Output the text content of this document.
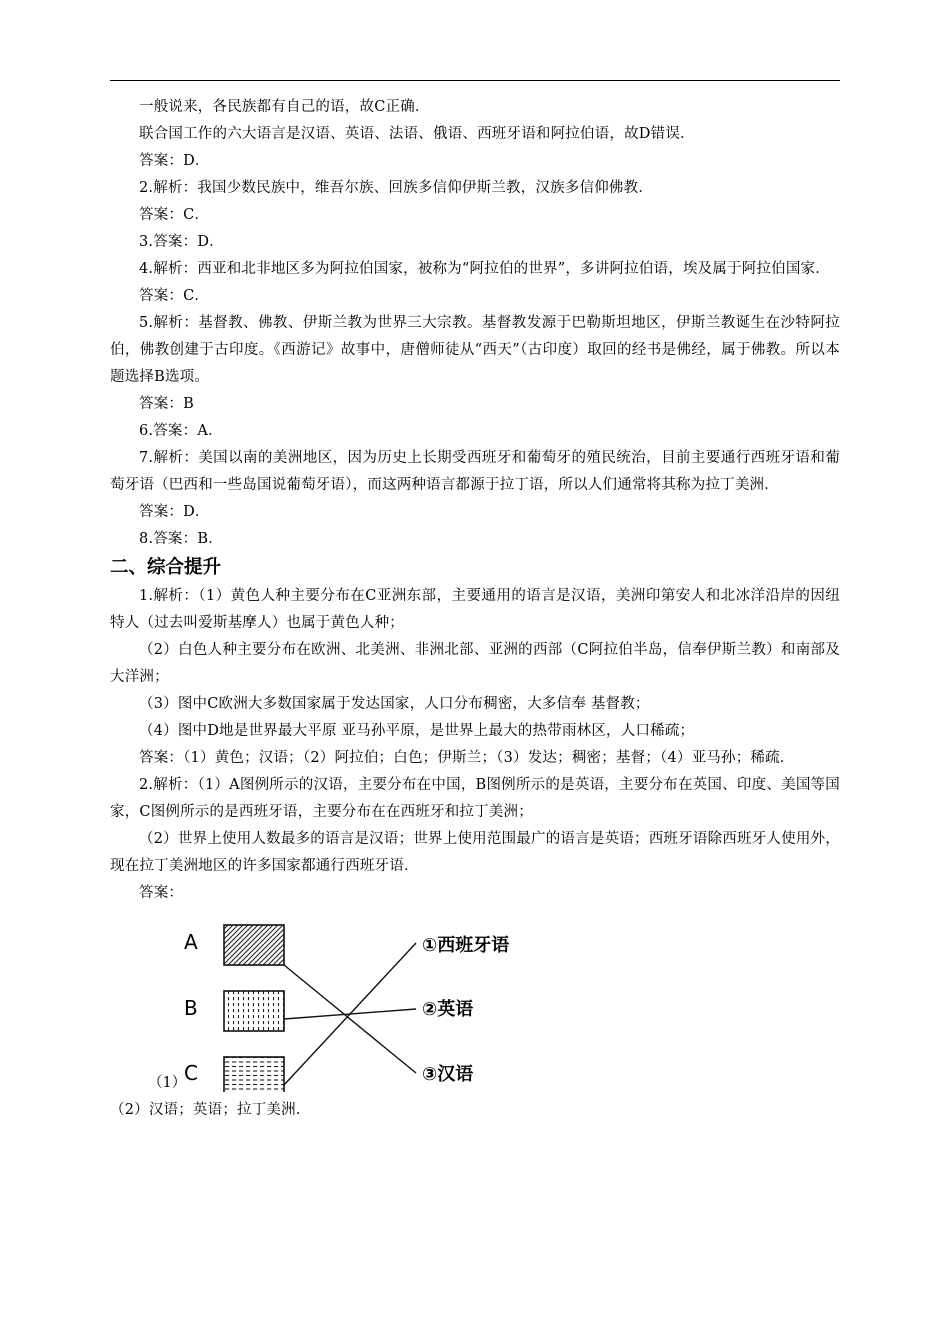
一般说来，各民族都有自己的语，故C正确．

联合国工作的六大语言是汉语、英语、法语、俄语、西班牙语和阿拉伯语，故D错误．

答案：D．

2.解析：我国少数民族中，维吾尔族、回族多信仰伊斯兰教，汉族多信仰佛教．

答案：C．

3.答案：D．

4.解析：西亚和北非地区多为阿拉伯国家，被称为“阿拉伯的世界”，多讲阿拉伯语，埃及属于阿拉伯国家．

答案：C．

5.解析：基督教、佛教、伊斯兰教为世界三大宗教。基督教发源于巴勒斯坦地区，伊斯兰教诞生在沙特阿拉伯，佛教创建于古印度。《西游记》故事中，唐僧师徒从“西天”（古印度）取回的经书是佛经，属于佛教。所以本题选择B选项。

答案：B

6.答案：A．

7.解析：美国以南的美洲地区，因为历史上长期受西班牙和葡萄牙的殖民统治，目前主要通行西班牙语和葡萄牙语（巴西和一些岛国说葡萄牙语），而这两种语言都源于拉丁语，所以人们通常将其称为拉丁美洲．

答案：D．

8.答案：B．

二、综合提升

1.解析：（1）黄色人种主要分布在C亚洲东部，主要通用的语言是汉语，美洲印第安人和北冰洋沿岸的因纽特人（过去叫爱斯基摩人）也属于黄色人种；

（2）白色人种主要分布在欧洲、北美洲、非洲北部、亚洲的西部（C阿拉伯半岛，信奉伊斯兰教）和南部及大洋洲；

（3）图中C欧洲大多数国家属于发达国家，人口分布稠密，大多信奉 基督教；

（4）图中D地是世界最大平原 亚马孙平原，是世界上最大的热带雨林区，人口稀疏；

答案：（1）黄色；汉语；（2）阿拉伯；白色；伊斯兰；（3）发达；稠密；基督；（4）亚马孙；稀疏．

2.解析：（1）A图例所示的汉语，主要分布在中国，B图例所示的是英语，主要分布在英国、印度、美国等国家，C图例所示的是西班牙语，主要分布在在西班牙和拉丁美洲；

（2）世界上使用人数最多的语言是汉语；世界上使用范围最广的语言是英语；西班牙语除西班牙人使用外，现在拉丁美洲地区的许多国家都通行西班牙语．

答案：

（1）
A
B
C
①西班牙语
②英语
③汉语

（2）汉语；英语；拉丁美洲．
